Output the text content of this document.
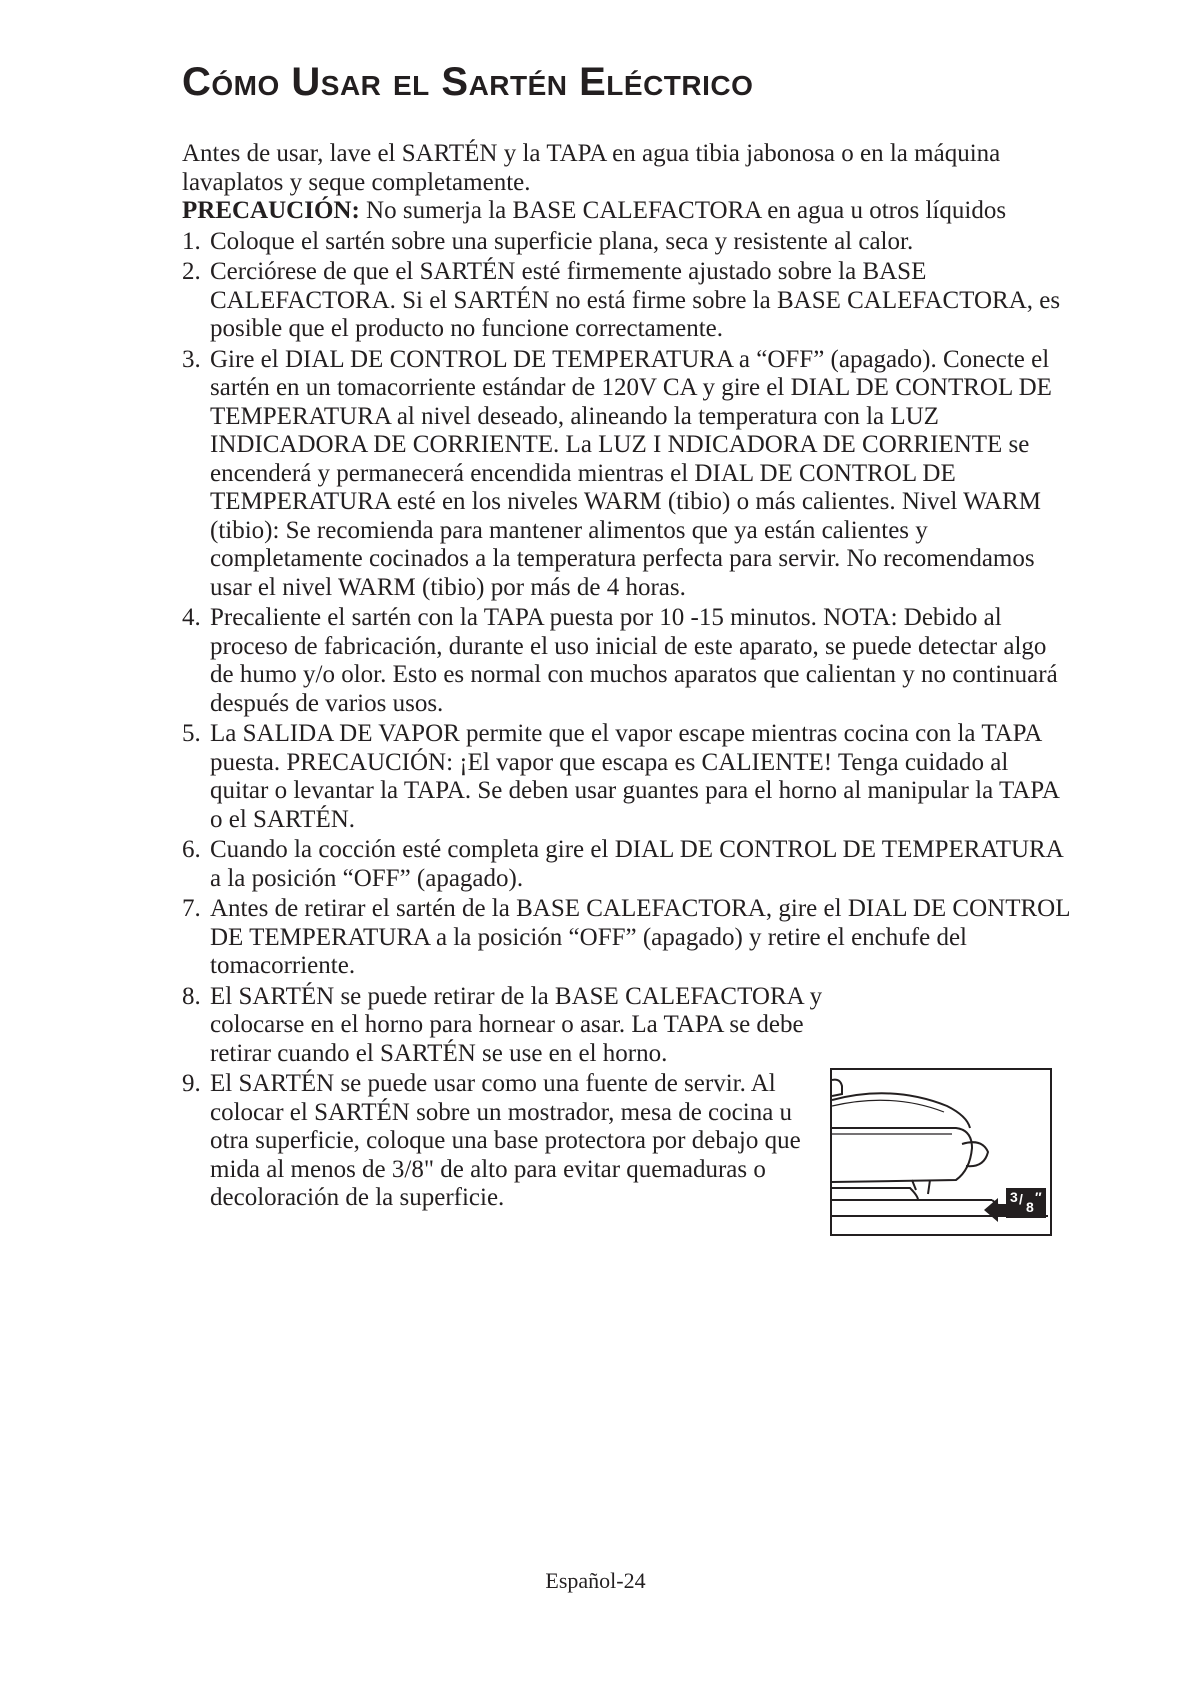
Cómo Usar el Sartén Eléctrico

Antes de usar, lave el SARTÉN y la TAPA en agua tibia jabonosa o en la máquina lavaplatos y seque completamente.

PRECAUCIÓN: No sumerja la BASE CALEFACTORA en agua u otros líquidos

1. Coloque el sartén sobre una superficie plana, seca y resistente al calor.
2. Cerciórese de que el SARTÉN esté firmemente ajustado sobre la BASE CALEFACTORA. Si el SARTÉN no está firme sobre la BASE CALEFACTORA, es posible que el producto no funcione correctamente.
3. Gire el DIAL DE CONTROL DE TEMPERATURA a “OFF” (apagado). Conecte el sartén en un tomacorriente estándar de 120V CA y gire el DIAL DE CONTROL DE TEMPERATURA al nivel deseado, alineando la temperatura con la LUZ INDICADORA DE CORRIENTE. La LUZ I NDICADORA DE CORRIENTE se encenderá y permanecerá encendida mientras el DIAL DE CONTROL DE TEMPERATURA esté en los niveles WARM (tibio) o más calientes. Nivel WARM (tibio): Se recomienda para mantener alimentos que ya están calientes y completamente cocinados a la temperatura perfecta para servir. No recomendamos usar el nivel WARM (tibio) por más de 4 horas.
4. Precaliente el sartén con la TAPA puesta por 10 -15 minutos. NOTA: Debido al proceso de fabricación, durante el uso inicial de este aparato, se puede detectar algo de humo y/o olor. Esto es normal con muchos aparatos que calientan y no continuará después de varios usos.
5. La SALIDA DE VAPOR permite que el vapor escape mientras cocina con la TAPA puesta. PRECAUCIÓN: ¡El vapor que escapa es CALIENTE! Tenga cuidado al quitar o levantar la TAPA. Se deben usar guantes para el horno al manipular la TAPA o el SARTÉN.
6. Cuando la cocción esté completa gire el DIAL DE CONTROL DE TEMPERATURA a la posición “OFF” (apagado).
7. Antes de retirar el sartén de la BASE CALEFACTORA, gire el DIAL DE CONTROL DE TEMPERATURA a la posición “OFF” (apagado) y retire el enchufe del tomacorriente.
8. El SARTÉN se puede retirar de la BASE CALEFACTORA y colocarse en el horno para hornear o asar. La TAPA se debe retirar cuando el SARTÉN se use en el horno.
9. El SARTÉN se puede usar como una fuente de servir. Al colocar el SARTÉN sobre un mostrador, mesa de cocina u otra superficie, coloque una base protectora por debajo que mida al menos de 3/8" de alto para evitar quemaduras o decoloración de la superficie.	3 / 8
″
Español-24
